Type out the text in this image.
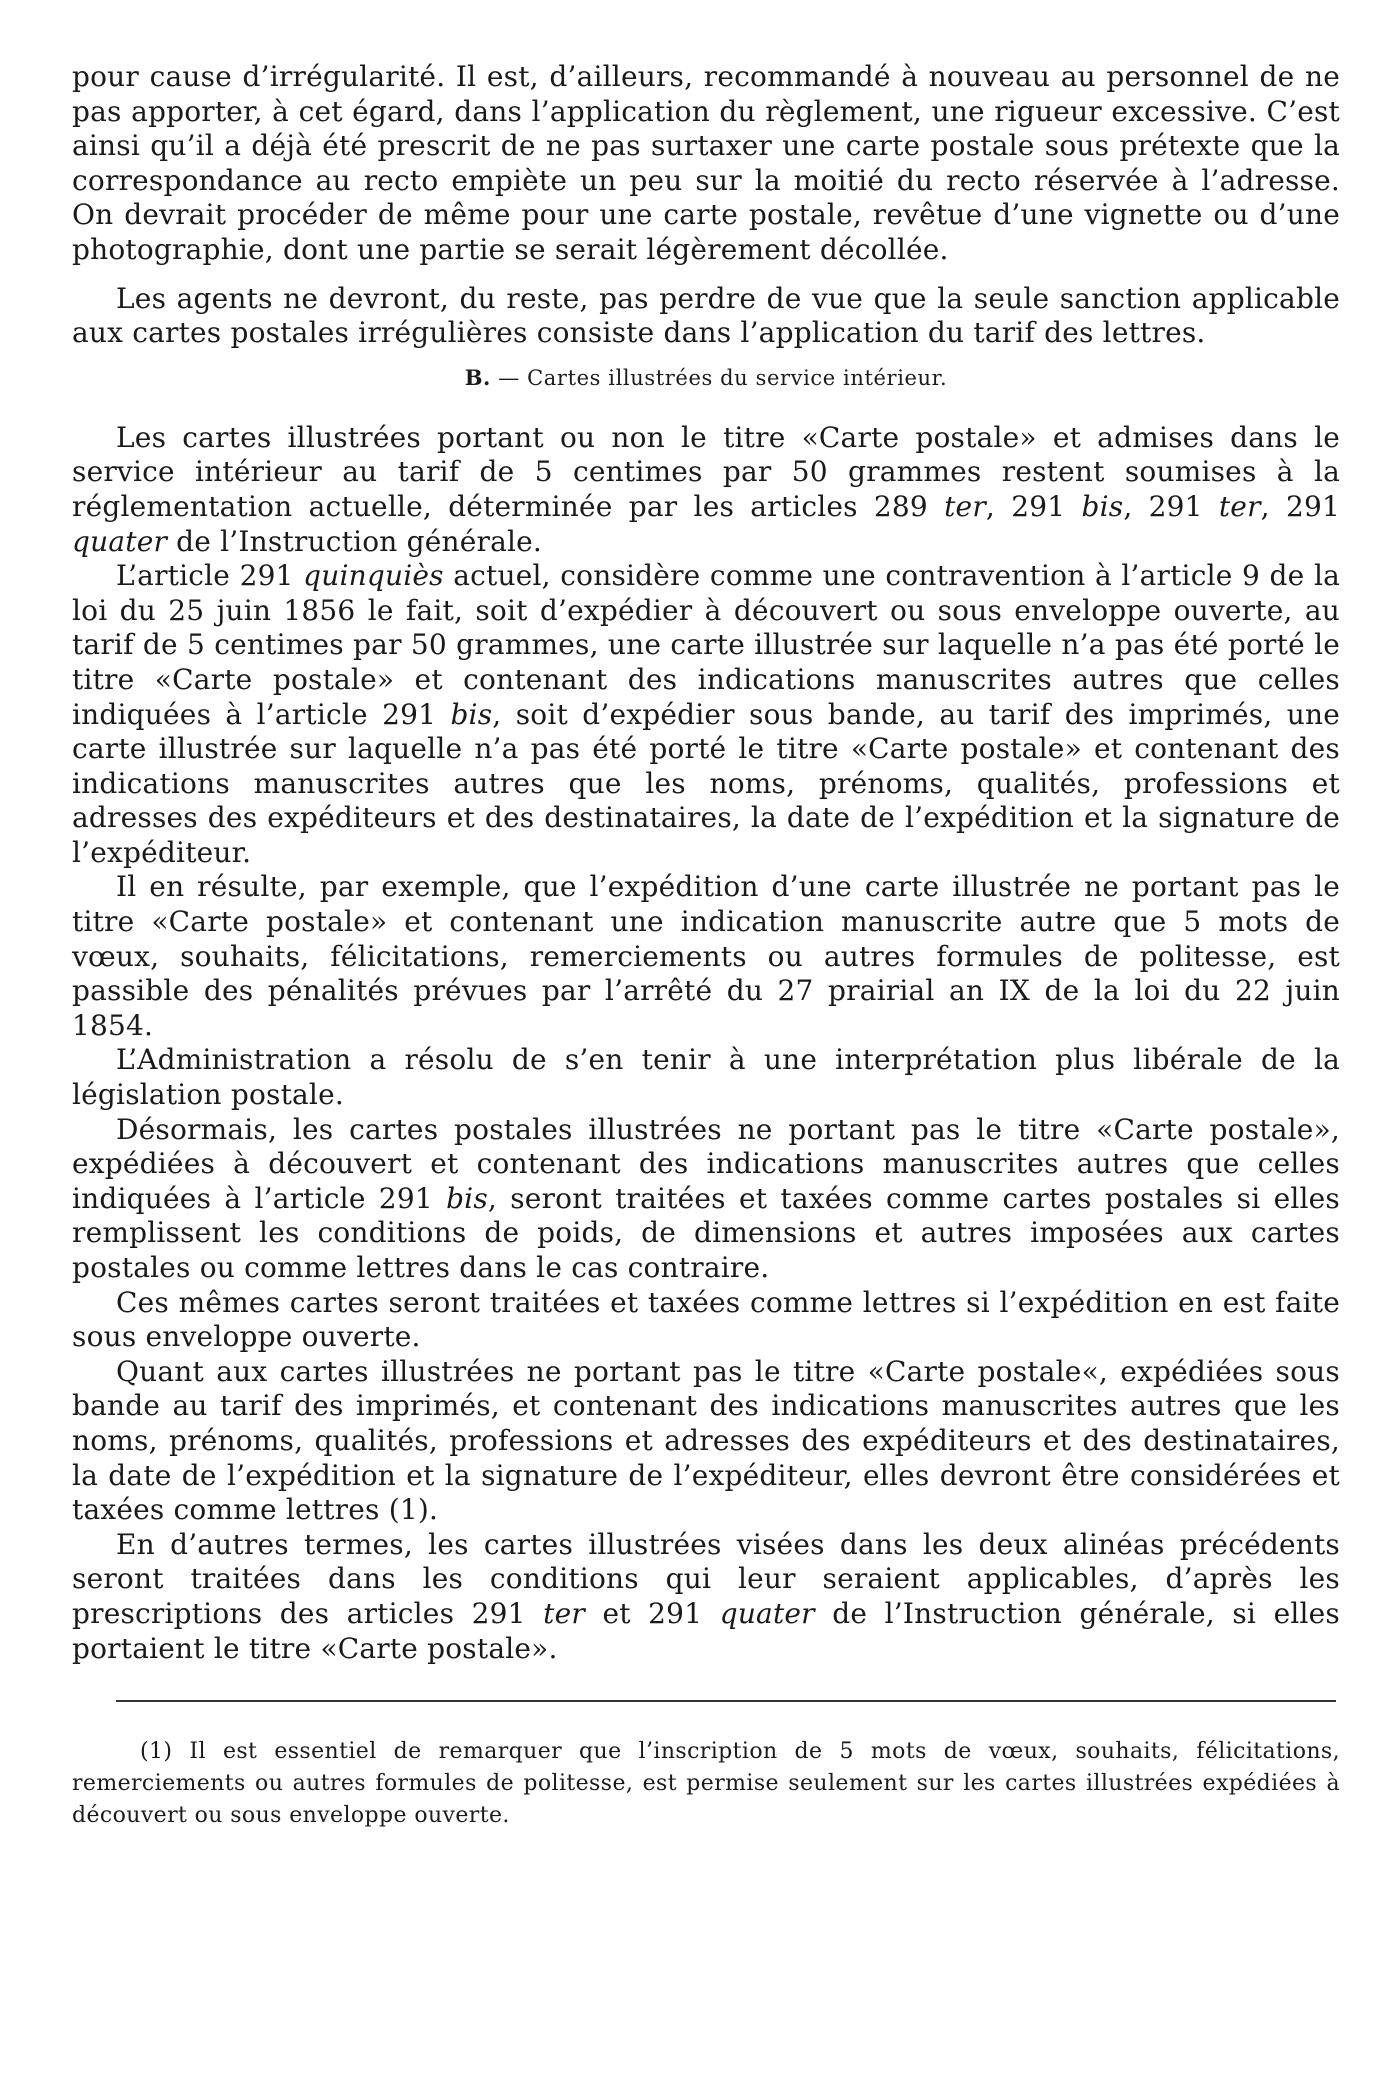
pour cause d’irrégularité. Il est, d’ailleurs, recommandé à nouveau au personnel de ne pas apporter, à cet égard, dans l’application du règlement, une rigueur excessive. C’est ainsi qu’il a déjà été prescrit de ne pas surtaxer une carte postale sous prétexte que la correspondance au recto empiète un peu sur la moitié du recto réservée à l’adresse. On devrait procéder de même pour une carte postale, revêtue d’une vignette ou d’une photographie, dont une partie se serait légèrement décollée.

Les agents ne devront, du reste, pas perdre de vue que la seule sanction applicable aux cartes postales irrégulières consiste dans l’application du tarif des lettres.

B. — Cartes illustrées du service intérieur.

Les cartes illustrées portant ou non le titre «Carte postale» et admises dans le service intérieur au tarif de 5 centimes par 50 grammes restent soumises à la réglementation actuelle, déterminée par les articles 289 ter, 291 bis, 291 ter, 291 quater de l’Instruction générale.

L’article 291 quinquiès actuel, considère comme une contravention à l’article 9 de la loi du 25 juin 1856 le fait, soit d’expédier à découvert ou sous enveloppe ouverte, au tarif de 5 centimes par 50 grammes, une carte illustrée sur laquelle n’a pas été porté le titre «Carte postale» et contenant des indications manuscrites autres que celles indiquées à l’article 291 bis, soit d’expédier sous bande, au tarif des imprimés, une carte illustrée sur laquelle n’a pas été porté le titre «Carte postale» et contenant des indications manuscrites autres que les noms, prénoms, qualités, professions et adresses des expéditeurs et des destinataires, la date de l’expédition et la signature de l’expéditeur.

Il en résulte, par exemple, que l’expédition d’une carte illustrée ne portant pas le titre «Carte postale» et contenant une indication manuscrite autre que 5 mots de vœux, souhaits, félicitations, remerciements ou autres formules de politesse, est passible des pénalités prévues par l’arrêté du 27 prairial an IX de la loi du 22 juin 1854.

L’Administration a résolu de s’en tenir à une interprétation plus libérale de la législation postale.

Désormais, les cartes postales illustrées ne portant pas le titre «Carte postale», expédiées à découvert et contenant des indications manuscrites autres que celles indiquées à l’article 291 bis, seront traitées et taxées comme cartes postales si elles remplissent les conditions de poids, de dimensions et autres imposées aux cartes postales ou comme lettres dans le cas contraire.

Ces mêmes cartes seront traitées et taxées comme lettres si l’expédition en est faite sous enveloppe ouverte.

Quant aux cartes illustrées ne portant pas le titre «Carte postale«, expédiées sous bande au tarif des imprimés, et contenant des indications manuscrites autres que les noms, prénoms, qualités, professions et adresses des expéditeurs et des destinataires, la date de l’expédition et la signature de l’expéditeur, elles devront être considérées et taxées comme lettres (1).

En d’autres termes, les cartes illustrées visées dans les deux alinéas précédents seront traitées dans les conditions qui leur seraient applicables, d’après les prescriptions des articles 291 ter et 291 quater de l’Instruction générale, si elles portaient le titre «Carte postale».

(1) Il est essentiel de remarquer que l’inscription de 5 mots de vœux, souhaits, félicitations, remerciements ou autres formules de politesse, est permise seulement sur les cartes illustrées expédiées à découvert ou sous enveloppe ouverte.
